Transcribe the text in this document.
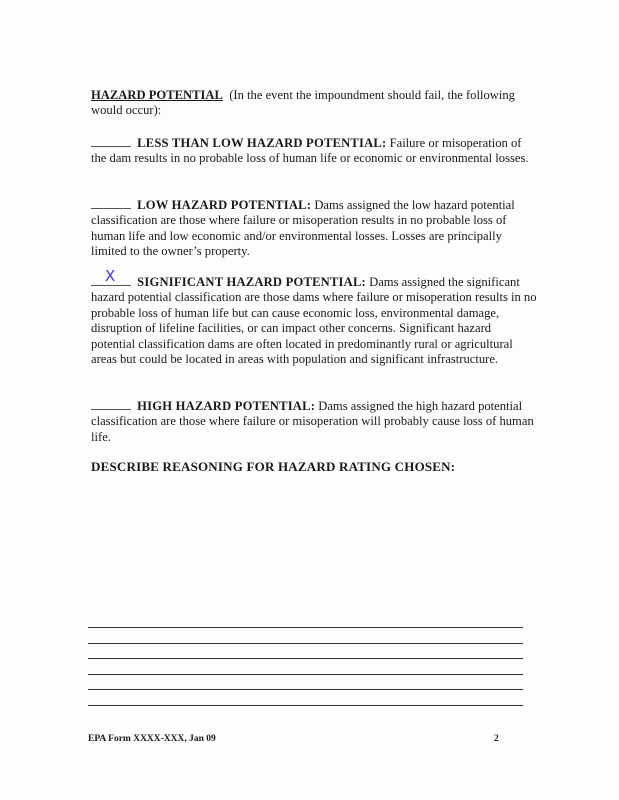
HAZARD POTENTIAL (In the event the impoundment should fail, the following would occur):
LESS THAN LOW HAZARD POTENTIAL: Failure or misoperation of the dam results in no probable loss of human life or economic or environmental losses.
LOW HAZARD POTENTIAL: Dams assigned the low hazard potential classification are those where failure or misoperation results in no probable loss of human life and low economic and/or environmental losses. Losses are principally limited to the owner’s property.
X SIGNIFICANT HAZARD POTENTIAL: Dams assigned the significant hazard potential classification are those dams where failure or misoperation results in no probable loss of human life but can cause economic loss, environmental damage, disruption of lifeline facilities, or can impact other concerns. Significant hazard potential classification dams are often located in predominantly rural or agricultural areas but could be located in areas with population and significant infrastructure.
HIGH HAZARD POTENTIAL: Dams assigned the high hazard potential classification are those where failure or misoperation will probably cause loss of human life.
DESCRIBE REASONING FOR HAZARD RATING CHOSEN:
EPA Form XXXX-XXX, Jan 09	2
